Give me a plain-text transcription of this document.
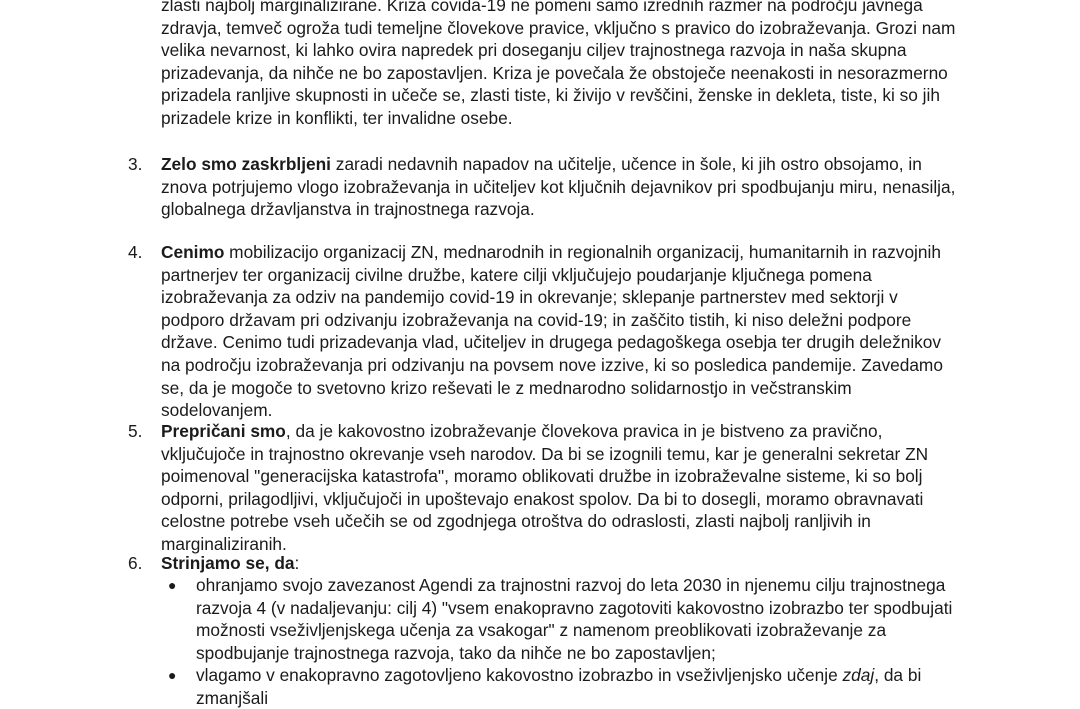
zlasti najbolj marginalizirane. Kriza covida-19 ne pomeni samo izrednih razmer na področju javnega zdravja, temveč ogroža tudi temeljne človekove pravice, vključno s pravico do izobraževanja. Grozi nam velika nevarnost, ki lahko ovira napredek pri doseganju ciljev trajnostnega razvoja in naša skupna prizadevanja, da nihče ne bo zapostavljen. Kriza je povečala že obstoječe neenakosti in nesorazmerno prizadela ranljive skupnosti in učeče se, zlasti tiste, ki živijo v revščini, ženske in dekleta, tiste, ki so jih prizadele krize in konflikti, ter invalidne osebe.

3. Zelo smo zaskrbljeni zaradi nedavnih napadov na učitelje, učence in šole, ki jih ostro obsojamo, in znova potrjujemo vlogo izobraževanja in učiteljev kot ključnih dejavnikov pri spodbujanju miru, nenasilja, globalnega državljanstva in trajnostnega razvoja.

4. Cenimo mobilizacijo organizacij ZN, mednarodnih in regionalnih organizacij, humanitarnih in razvojnih partnerjev ter organizacij civilne družbe, katere cilji vključujejo poudarjanje ključnega pomena izobraževanja za odziv na pandemijo covid-19 in okrevanje; sklepanje partnerstev med sektorji v podporo državam pri odzivanju izobraževanja na covid-19; in zaščito tistih, ki niso deležni podpore države. Cenimo tudi prizadevanja vlad, učiteljev in drugega pedagoškega osebja ter drugih deležnikov na področju izobraževanja pri odzivanju na povsem nove izzive, ki so posledica pandemije. Zavedamo se, da je mogoče to svetovno krizo reševati le z mednarodno solidarnostjo in večstranskim sodelovanjem.

5. Prepričani smo, da je kakovostno izobraževanje človekova pravica in je bistveno za pravično, vključujoče in trajnostno okrevanje vseh narodov. Da bi se izognili temu, kar je generalni sekretar ZN poimenoval "generacijska katastrofa", moramo oblikovati družbe in izobraževalne sisteme, ki so bolj odporni, prilagodljivi, vključujoči in upoštevajo enakost spolov. Da bi to dosegli, moramo obravnavati celostne potrebe vseh učečih se od zgodnjega otroštva do odraslosti, zlasti najbolj ranljivih in marginaliziranih.

6. Strinjamo se, da:

● ohranjamo svojo zavezanost Agendi za trajnostni razvoj do leta 2030 in njenemu cilju trajnostnega razvoja 4 (v nadaljevanju: cilj 4) "vsem enakopravno zagotoviti kakovostno izobrazbo ter spodbujati možnosti vseživljenjskega učenja za vsakogar" z namenom preoblikovati izobraževanje za spodbujanje trajnostnega razvoja, tako da nihče ne bo zapostavljen;

● vlagamo v enakopravno zagotovljeno kakovostno izobrazbo in vseživljenjsko učenje zdaj, da bi zmanjšali
